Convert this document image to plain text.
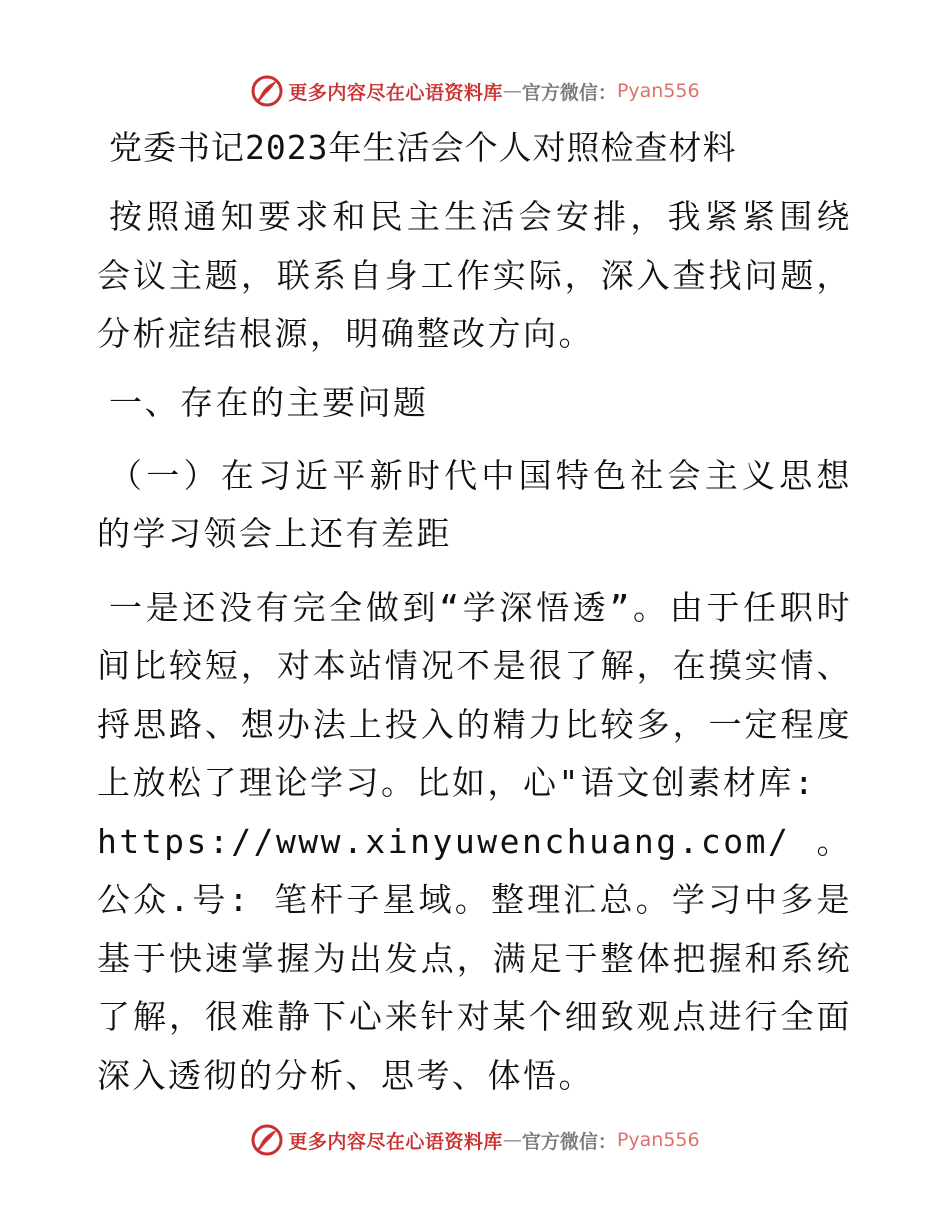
更多内容尽在心语资料库 — 官方微信： Pyan556
党委书记2023年生活会个人对照检查材料

按照通知要求和民主生活会安排，我紧紧围绕会议主题，联系自身工作实际，深入查找问题，分析症结根源，明确整改方向。

一、存在的主要问题

（一）在习近平新时代中国特色社会主义思想的学习领会上还有差距

一是还没有完全做到“学深悟透”。由于任职时间比较短，对本站情况不是很了解，在摸实情、捋思路、想办法上投入的精力比较多，一定程度上放松了理论学习。比如，心"语文创素材库:

https://www.xinyuwenchuang.com/。公众.号: 笔杆子星域。整理汇总。学习中多是基于快速掌握为出发点，满足于整体把握和系统了解，很难静下心来针对某个细致观点进行全面深入透彻的分析、思考、体悟。

更多内容尽在心语资料库 — 官方微信： Pyan556
